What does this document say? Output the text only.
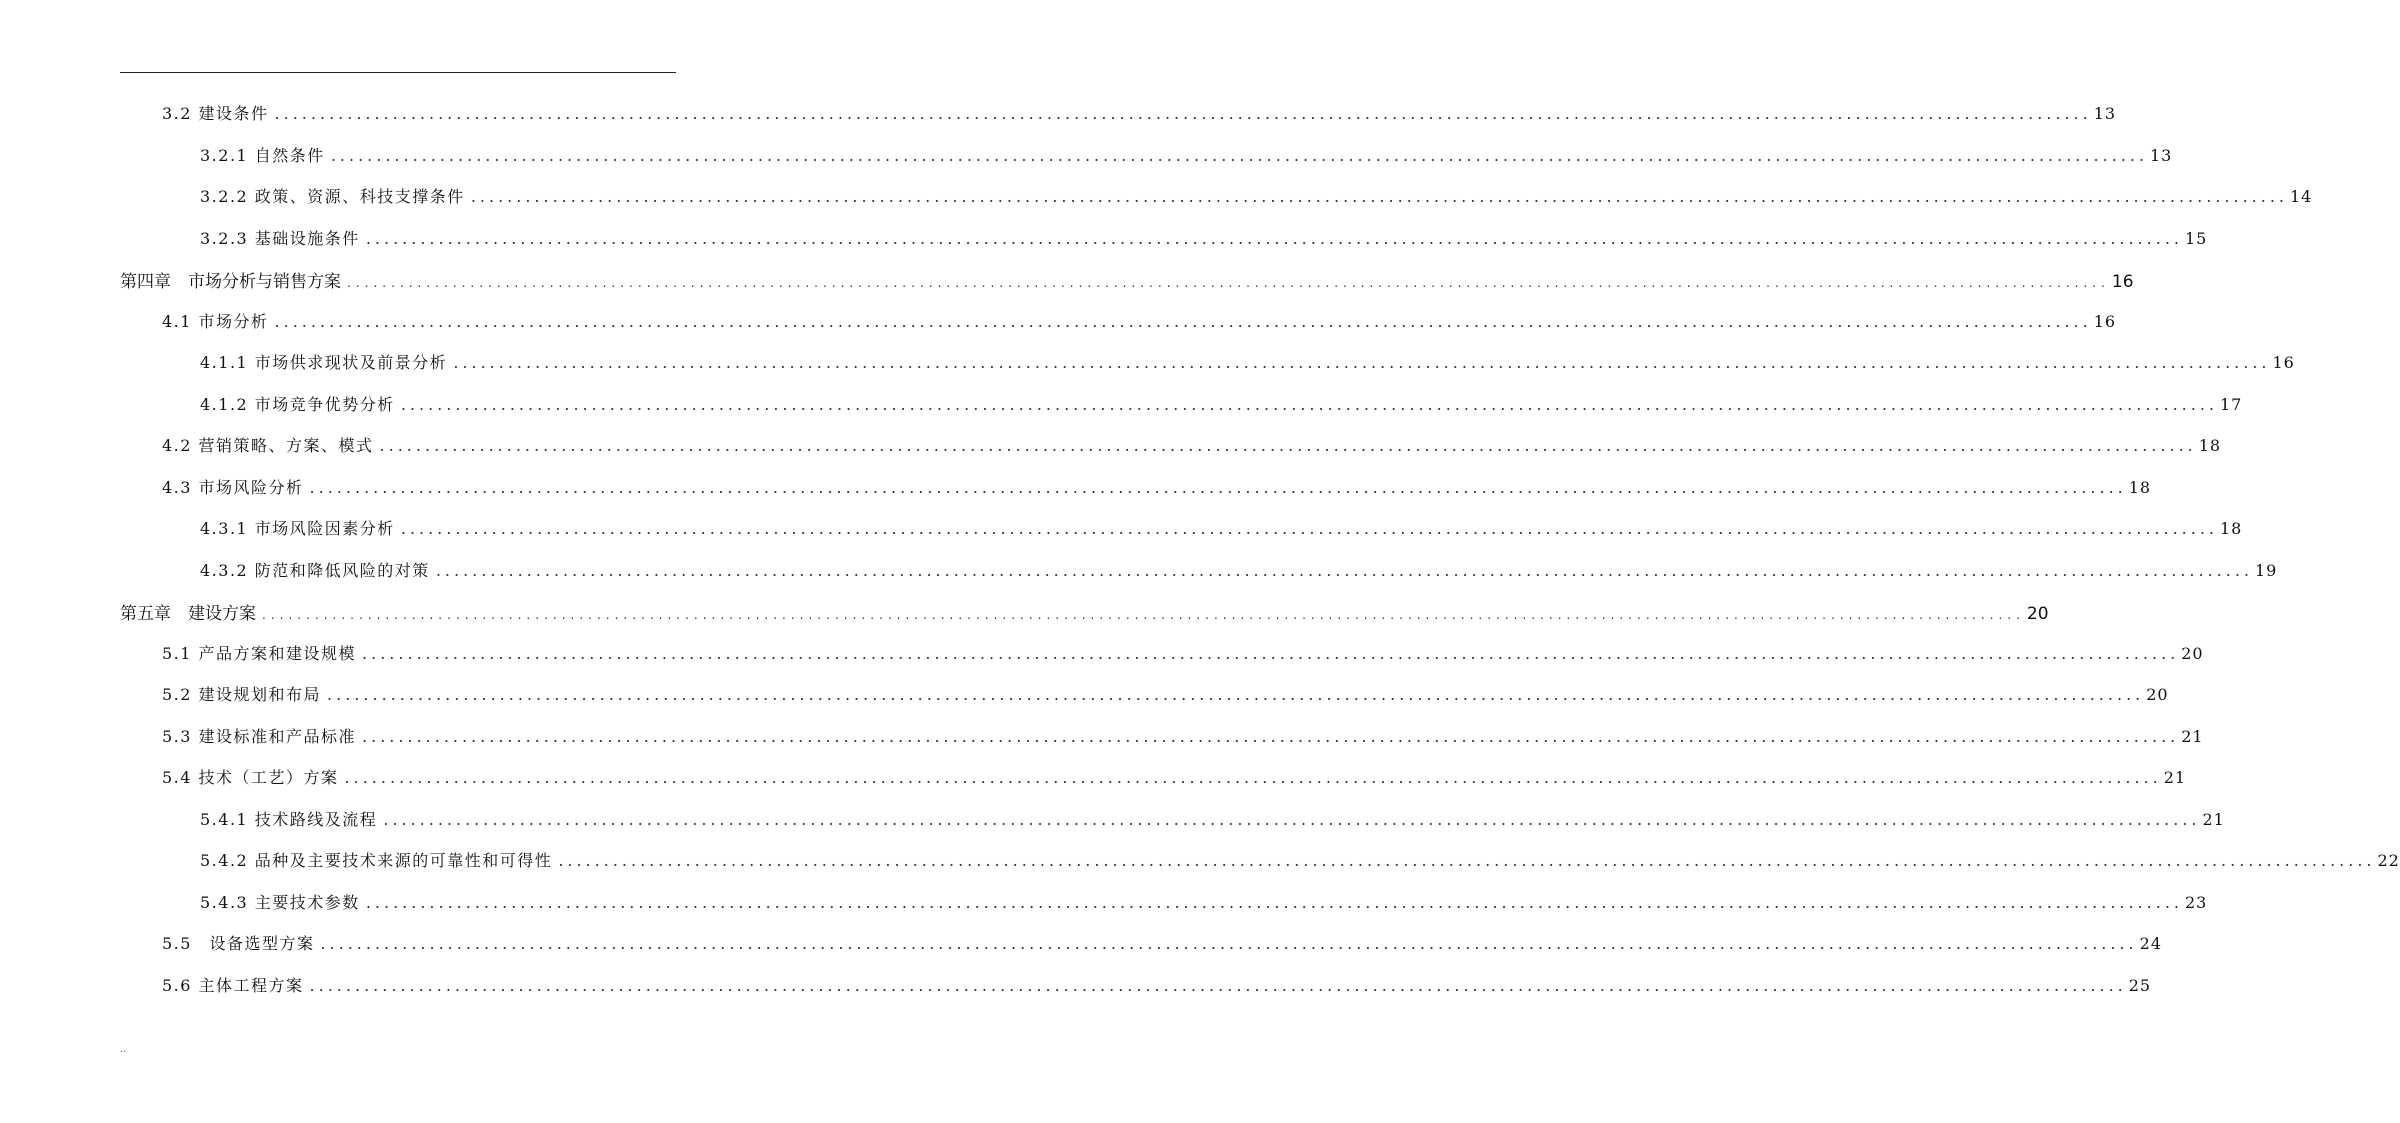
3.2 建设条件 ........................................................................................................................................................................................................ 13
3.2.1 自然条件 ........................................................................................................................................................................................................ 13
3.2.2 政策、资源、科技支撑条件 ........................................................................................................................................................................................................ 14
3.2.3 基础设施条件 ........................................................................................................................................................................................................ 15
第四章　市场分析与销售方案 ........................................................................................................................................................................................................ 16
4.1 市场分析 ........................................................................................................................................................................................................ 16
4.1.1 市场供求现状及前景分析 ........................................................................................................................................................................................................ 16
4.1.2 市场竞争优势分析 ........................................................................................................................................................................................................ 17
4.2 营销策略、方案、模式 ........................................................................................................................................................................................................ 18
4.3 市场风险分析 ........................................................................................................................................................................................................ 18
4.3.1 市场风险因素分析 ........................................................................................................................................................................................................ 18
4.3.2 防范和降低风险的对策 ........................................................................................................................................................................................................ 19
第五章　建设方案 ........................................................................................................................................................................................................ 20
5.1 产品方案和建设规模 ........................................................................................................................................................................................................ 20
5.2 建设规划和布局 ........................................................................................................................................................................................................ 20
5.3 建设标准和产品标准 ........................................................................................................................................................................................................ 21
5.4 技术（工艺）方案 ........................................................................................................................................................................................................ 21
5.4.1 技术路线及流程 ........................................................................................................................................................................................................ 21
5.4.2 品种及主要技术来源的可靠性和可得性 ........................................................................................................................................................................................................ 22
5.4.3 主要技术参数 ........................................................................................................................................................................................................ 23
5.5　设备选型方案 ........................................................................................................................................................................................................ 24
5.6 主体工程方案 ........................................................................................................................................................................................................ 25
..
